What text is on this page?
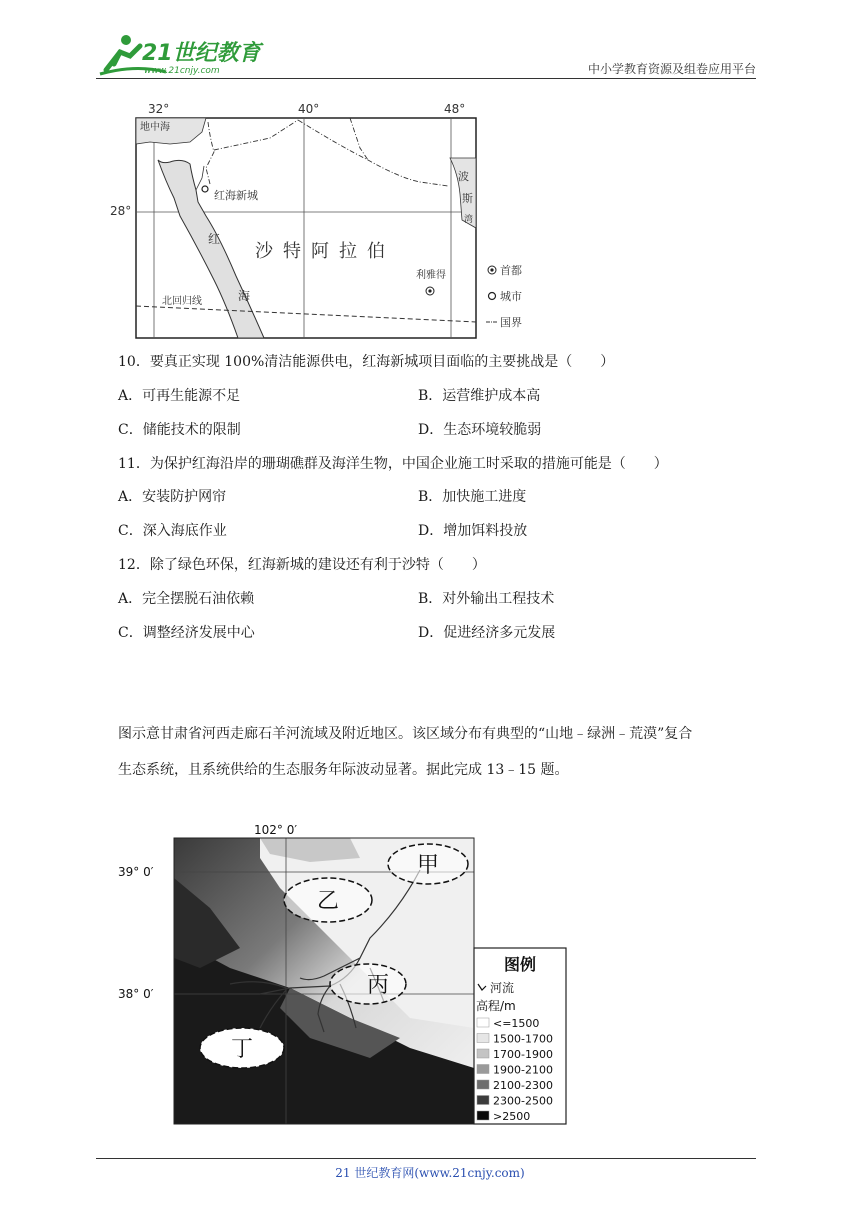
21世纪教育
www.21cnjy.com	中小学教育资源及组卷应用平台
32°	40°	48°
28°
地中海
波
斯
湾
红海新城
红
海
沙特阿拉伯
利雅得
北回归线
首都
城市
国界
10．要真正实现 100%清洁能源供电，红海新城项目面临的主要挑战是（　　）
A．可再生能源不足	B．运营维护成本高
C．储能技术的限制	D．生态环境较脆弱
11．为保护红海沿岸的珊瑚礁群及海洋生物，中国企业施工时采取的措施可能是（　　）
A．安装防护网帘	B．加快施工进度
C．深入海底作业	D．增加饵料投放
12．除了绿色环保，红海新城的建设还有利于沙特（　　）
A．完全摆脱石油依赖	B．对外输出工程技术
C．调整经济发展中心	D．促进经济多元发展
图示意甘肃省河西走廊石羊河流域及附近地区。该区域分布有典型的“山地﹣绿洲﹣荒漠”复合
生态系统，且系统供给的生态服务年际波动显著。据此完成 13﹣15 题。
102° 0′
39° 0′
38° 0′
甲
乙
丙
丁
图例
河流
高程/m
<=1500
1500-1700
1700-1900
1900-2100
2100-2300
2300-2500
>2500
21 世纪教育网(www.21cnjy.com)
